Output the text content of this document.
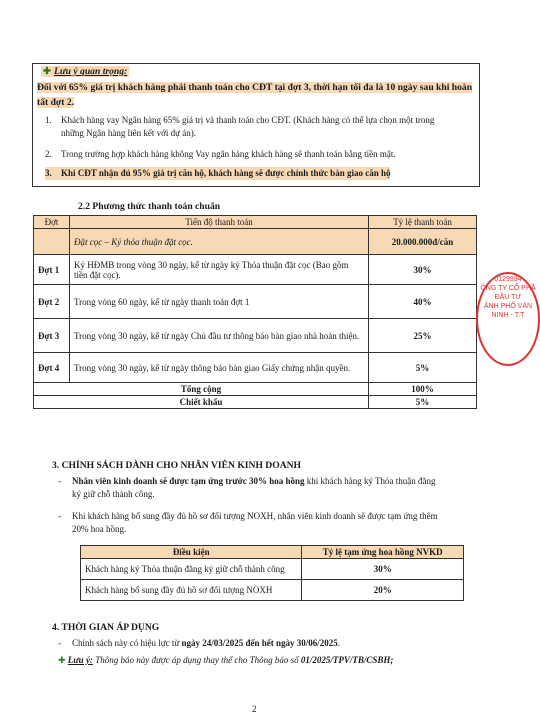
✚ Lưu ý quan trọng:
Đối với 65% giá trị khách hàng phải thanh toán cho CĐT tại đợt 3, thời hạn tối đa là 10 ngày sau khi hoàn
tất đợt 2.
1. Khách hàng vay Ngân hàng 65% giá trị và thanh toán cho CĐT. (Khách hàng có thể lựa chọn một trong
những Ngân hàng liên kết với dự án).
2. Trong trường hợp khách hàng không Vay ngân hàng khách hàng sẽ thanh toán bằng tiền mặt.
3. Khi CĐT nhận đủ 95% giá trị căn hộ, khách hàng sẽ được chính thức bàn giao căn hộ
2.2 Phương thức thanh toán chuẩn
Đợt	Tiến độ thanh toán	Tỷ lệ thanh toán
	Đặt cọc – Ký thỏa thuận đặt cọc.	20.000.000đ/căn
Đợt 1	Ký HĐMB trong vòng 30 ngày, kể từ ngày ký Thỏa thuận đặt cọc (Bao gồm tiền đặt cọc).	30%
Đợt 2	Trong vòng 60 ngày, kể từ ngày thanh toán đợt 1	40%
Đợt 3	Trong vòng 30 ngày, kể từ ngày Chủ đầu tư thông báo bàn giao nhà hoàn thiện.	25%
Đợt 4	Trong vòng 30 ngày, kể từ ngày thông báo bàn giao Giấy chứng nhận quyền.	5%
Tổng cộng		100%
Chiết khấu		5%
0129994
ÔNG TY CỔ PHẦ
ĐẦU TƯ
ÀNH PHỐ VÀN
NINH - T.T
3. CHÍNH SÁCH DÀNH CHO NHÂN VIÊN KINH DOANH
- Nhân viên kinh doanh sẽ được tạm ứng trước 30% hoa hồng khi khách hàng ký Thỏa thuận đăng
ký giữ chỗ thành công.
- Khi khách hàng bổ sung đầy đủ hồ sơ đối tượng NOXH, nhân viên kinh doanh sẽ được tạm ứng thêm
20% hoa hồng.
Điều kiện	Tỷ lệ tạm ứng hoa hồng NVKD
Khách hàng ký Thỏa thuận đăng ký giữ chỗ thành công	30%
Khách hàng bổ sung đầy đủ hồ sơ đối tượng NOXH	20%
4. THỜI GIAN ÁP DỤNG
- Chính sách này có hiệu lực từ ngày 24/03/2025 đến hết ngày 30/06/2025.
✚ Lưu ý: Thông báo này được áp dụng thay thế cho Thông báo số 01/2025/TPV/TB/CSBH;
2
